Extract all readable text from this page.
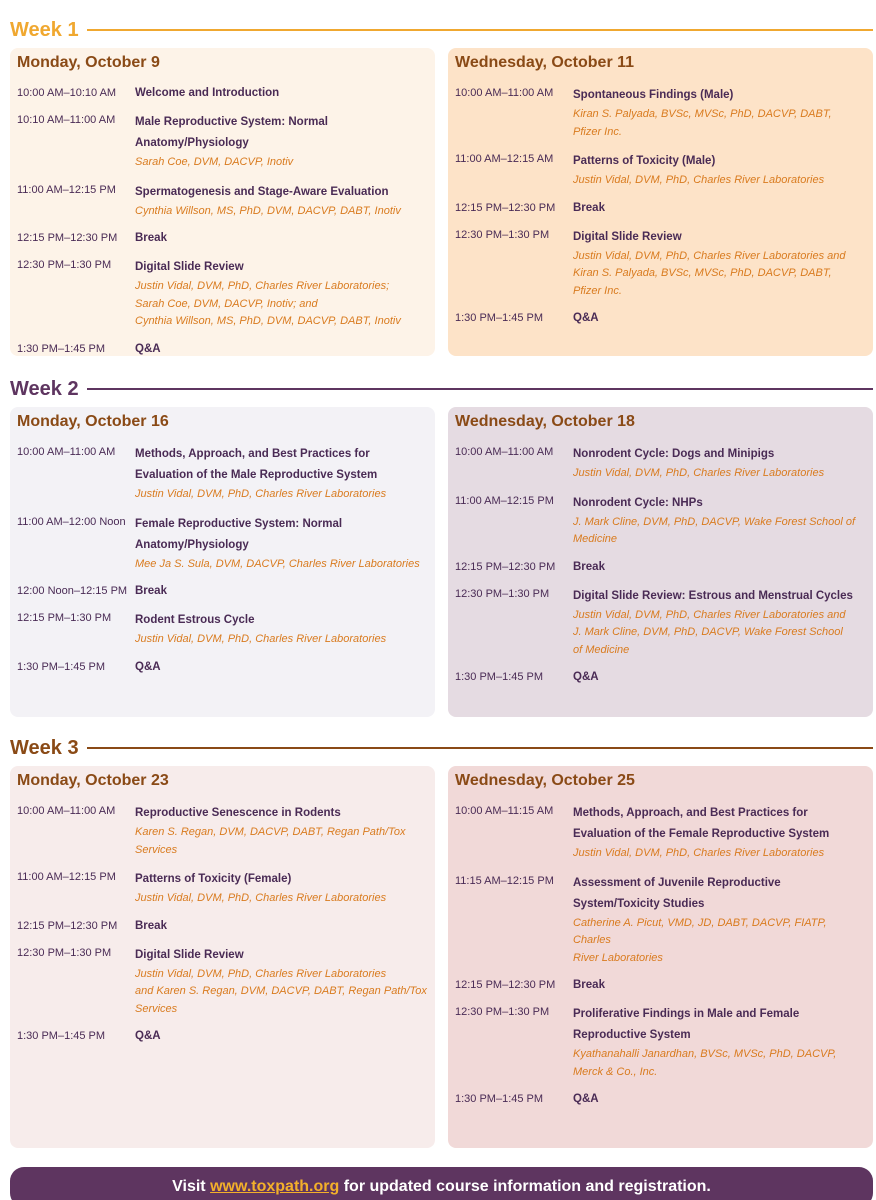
Week 1
Monday, October 9
10:00 AM–10:10 AM	Welcome and Introduction
10:10 AM–11:00 AM	Male Reproductive System: Normal Anatomy/Physiology
Sarah Coe, DVM, DACVP, Inotiv
11:00 AM–12:15 PM	Spermatogenesis and Stage-Aware Evaluation
Cynthia Willson, MS, PhD, DVM, DACVP, DABT, Inotiv
12:15 PM–12:30 PM	Break
12:30 PM–1:30 PM	Digital Slide Review
Justin Vidal, DVM, PhD, Charles River Laboratories;
Sarah Coe, DVM, DACVP, Inotiv; and
Cynthia Willson, MS, PhD, DVM, DACVP, DABT, Inotiv
1:30 PM–1:45 PM	Q&A
Wednesday, October 11
10:00 AM–11:00 AM	Spontaneous Findings (Male)
Kiran S. Palyada, BVSc, MVSc, PhD, DACVP, DABT,
Pfizer Inc.
11:00 AM–12:15 AM	Patterns of Toxicity (Male)
Justin Vidal, DVM, PhD, Charles River Laboratories
12:15 PM–12:30 PM	Break
12:30 PM–1:30 PM	Digital Slide Review
Justin Vidal, DVM, PhD, Charles River Laboratories and
Kiran S. Palyada, BVSc, MVSc, PhD, DACVP, DABT,
Pfizer Inc.
1:30 PM–1:45 PM	Q&A
Week 2
Monday, October 16
10:00 AM–11:00 AM	Methods, Approach, and Best Practices for Evaluation of the Male Reproductive System
Justin Vidal, DVM, PhD, Charles River Laboratories
11:00 AM–12:00 Noon Female Reproductive System: Normal Anatomy/Physiology
Mee Ja S. Sula, DVM, DACVP, Charles River Laboratories
12:00 Noon–12:15 PM Break
12:15 PM–1:30 PM	Rodent Estrous Cycle
Justin Vidal, DVM, PhD, Charles River Laboratories
1:30 PM–1:45 PM	Q&A
Wednesday, October 18
10:00 AM–11:00 AM	Nonrodent Cycle: Dogs and Minipigs
Justin Vidal, DVM, PhD, Charles River Laboratories
11:00 AM–12:15 PM	Nonrodent Cycle: NHPs
J. Mark Cline, DVM, PhD, DACVP, Wake Forest School of
Medicine
12:15 PM–12:30 PM	Break
12:30 PM–1:30 PM	Digital Slide Review: Estrous and Menstrual Cycles
Justin Vidal, DVM, PhD, Charles River Laboratories and
J. Mark Cline, DVM, PhD, DACVP, Wake Forest School
of Medicine
1:30 PM–1:45 PM	Q&A
Week 3
Monday, October 23
10:00 AM–11:00 AM	Reproductive Senescence in Rodents
Karen S. Regan, DVM, DACVP, DABT, Regan Path/Tox
Services
11:00 AM–12:15 PM	Patterns of Toxicity (Female)
Justin Vidal, DVM, PhD, Charles River Laboratories
12:15 PM–12:30 PM	Break
12:30 PM–1:30 PM	Digital Slide Review
Justin Vidal, DVM, PhD, Charles River Laboratories
and Karen S. Regan, DVM, DACVP, DABT, Regan Path/Tox
Services
1:30 PM–1:45 PM	Q&A
Wednesday, October 25
10:00 AM–11:15 AM	Methods, Approach, and Best Practices for Evaluation of the Female Reproductive System
Justin Vidal, DVM, PhD, Charles River Laboratories
11:15 AM–12:15 PM	Assessment of Juvenile Reproductive System/Toxicity Studies
Catherine A. Picut, VMD, JD, DABT, DACVP, FIATP, Charles
River Laboratories
12:15 PM–12:30 PM	Break
12:30 PM–1:30 PM	Proliferative Findings in Male and Female Reproductive System
Kyathanahalli Janardhan, BVSc, MVSc, PhD, DACVP,
Merck & Co., Inc.
1:30 PM–1:45 PM	Q&A
Visit www.toxpath.org for updated course information and registration.
